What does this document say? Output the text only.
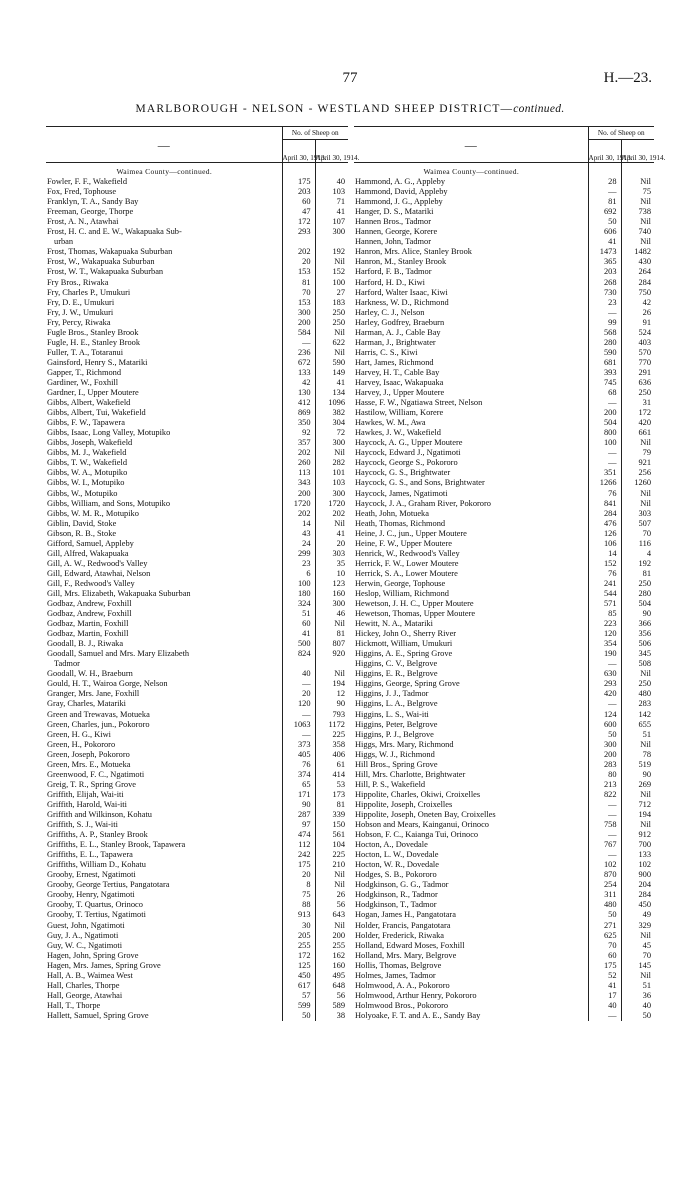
77	H.—23.
MARLBOROUGH - NELSON - WESTLAND SHEEP DISTRICT—continued.
—	No. of Sheep on	
	April 30, 1913.	April 30, 1914.
Waimea County—continued.		
Fowler, F. F., Wakefield	175	40
Fox, Fred, Tophouse	203	103
Franklyn, T. A., Sandy Bay	60	71
Freeman, George, Thorpe	47	41
Frost, A. N., Atawhai	172	107
Frost, H. C. and E. W., Wakapuaka Sub-	293	300
urban		
Frost, Thomas, Wakapuaka Suburban	202	192
Frost, W., Wakapuaka Suburban	20	Nil
Frost, W. T., Wakapuaka Suburban	153	152
Fry Bros., Riwaka	81	100
Fry, Charles P., Umukuri	70	27
Fry, D. E., Umukuri	153	183
Fry, J. W., Umukuri	300	250
Fry, Percy, Riwaka	200	250
Fugle Bros., Stanley Brook	584	Nil
Fugle, H. E., Stanley Brook	—	622
Fuller, T. A., Totaranui	236	Nil
Gainsford, Henry S., Matariki	672	590
Gapper, T., Richmond	133	149
Gardiner, W., Foxhill	42	41
Gardner, I., Upper Moutere	130	134
Gibbs, Albert, Wakefield	412	1096
Gibbs, Albert, Tui, Wakefield	869	382
Gibbs, F. W., Tapawera	350	304
Gibbs, Isaac, Long Valley, Motupiko	92	72
Gibbs, Joseph, Wakefield	357	300
Gibbs, M. J., Wakefield	202	Nil
Gibbs, T. W., Wakefield	260	282
Gibbs, W. A., Motupiko	113	101
Gibbs, W. I., Motupiko	343	103
Gibbs, W., Motupiko	200	300
Gibbs, William, and Sons, Motupiko	1720	1720
Gibbs, W. M. R., Motupiko	202	202
Giblin, David, Stoke	14	Nil
Gibson, R. B., Stoke	43	41
Gifford, Samuel, Appleby	24	20
Gill, Alfred, Wakapuaka	299	303
Gill, A. W., Redwood's Valley	23	35
Gill, Edward, Atawhai, Nelson	6	10
Gill, F., Redwood's Valley	100	123
Gill, Mrs. Elizabeth, Wakapuaka Suburban	180	160
Godbaz, Andrew, Foxhill	324	300
Godbaz, Andrew, Foxhill	51	46
Godbaz, Martin, Foxhill	60	Nil
Godbaz, Martin, Foxhill	41	81
Goodall, B. J., Riwaka	500	807
Goodall, Samuel and Mrs. Mary Elizabeth	824	920
Tadmor		
Goodall, W. H., Braeburn	40	Nil
Gould, H. T., Wairoa Gorge, Nelson	—	194
Granger, Mrs. Jane, Foxhill	20	12
Gray, Charles, Matariki	120	90
Green and Trewavas, Motueka	—	793
Green, Charles, jun., Pokororo	1063	1172
Green, H. G., Kiwi	—	225
Green, H., Pokororo	373	358
Green, Joseph, Pokororo	405	406
Green, Mrs. E., Motueka	76	61
Greenwood, F. C., Ngatimoti	374	414
Greig, T. R., Spring Grove	65	53
Griffith, Elijah, Wai-iti	171	173
Griffith, Harold, Wai-iti	90	81
Griffith and Wilkinson, Kohatu	287	339
Griffith, S. J., Wai-iti	97	150
Griffiths, A. P., Stanley Brook	474	561
Griffiths, E. L., Stanley Brook, Tapawera	112	104
Griffiths, E. L., Tapawera	242	225
Griffiths, William D., Kohatu	175	210
Grooby, Ernest, Ngatimoti	20	Nil
Grooby, George Tertius, Pangatotara	8	Nil
Grooby, Henry, Ngatimoti	75	26
Grooby, T. Quartus, Orinoco	88	56
Grooby, T. Tertius, Ngatimoti	913	643
Guest, John, Ngatimoti	30	Nil
Guy, J. A., Ngatimoti	205	200
Guy, W. C., Ngatimoti	255	255
Hagen, John, Spring Grove	172	162
Hagen, Mrs. James, Spring Grove	125	160
Hall, A. B., Waimea West	450	495
Hall, Charles, Thorpe	617	648
Hall, George, Atawhai	57	56
Hall, T., Thorpe	599	589
Hallett, Samuel, Spring Grove	50	38
—	No. of Sheep on	
	April 30, 1913.	April 30, 1914.
Waimea County—continued.		
Hammond, A. G., Appleby	28	Nil
Hammond, David, Appleby	—	75
Hammond, J. G., Appleby	81	Nil
Hanger, D. S., Matariki	692	738
Hannen Bros., Tadmor	50	Nil
Hannen, George, Korere	606	740
Hannen, John, Tadmor	41	Nil
Hanron, Mrs. Alice, Stanley Brook	1473	1482
Hanron, M., Stanley Brook	365	430
Harford, F. B., Tadmor	203	264
Harford, H. D., Kiwi	268	284
Harford, Walter Isaac, Kiwi	730	750
Harkness, W. D., Richmond	23	42
Harley, C. J., Nelson	—	26
Harley, Godfrey, Braeburn	99	91
Harman, A. J., Cable Bay	568	524
Harman, J., Brightwater	280	403
Harris, C. S., Kiwi	590	570
Hart, James, Richmond	681	770
Harvey, H. T., Cable Bay	393	291
Harvey, Isaac, Wakapuaka	745	636
Harvey, J., Upper Moutere	68	250
Hasse, F. W., Ngatiawa Street, Nelson	—	31
Hastilow, William, Korere	200	172
Hawkes, W. M., Awa	504	420
Hawkes, J. W., Wakefield	800	661
Haycock, A. G., Upper Moutere	100	Nil
Haycock, Edward J., Ngatimoti	—	79
Haycock, George S., Pokororo	—	921
Haycock, G. S., Brightwater	351	256
Haycock, G. S., and Sons, Brightwater	1266	1260
Haycock, James, Ngatimoti	76	Nil
Haycock, J. A., Graham River, Pokororo	841	Nil
Heath, John, Motueka	284	303
Heath, Thomas, Richmond	476	507
Heine, J. C., jun., Upper Moutere	126	70
Heine, F. W., Upper Moutere	106	116
Henrick, W., Redwood's Valley	14	4
Herrick, F. W., Lower Moutere	152	192
Herrick, S. A., Lower Moutere	76	81
Herwin, George, Tophouse	241	250
Heslop, William, Richmond	544	280
Hewetson, J. H. C., Upper Moutere	571	504
Hewetson, Thomas, Upper Moutere	85	90
Hewitt, N. A., Matariki	223	366
Hickey, John O., Sherry River	120	356
Hickmott, William, Umukuri	354	506
Higgins, A. E., Spring Grove	190	345
Higgins, C. V., Belgrove	—	508
Higgins, E. R., Belgrove	630	Nil
Higgins, George, Spring Grove	293	250
Higgins, J. J., Tadmor	420	480
Higgins, L. A., Belgrove	—	283
Higgins, L. S., Wai-iti	124	142
Higgins, Peter, Belgrove	600	655
Higgins, P. J., Belgrove	50	51
Higgs, Mrs. Mary, Richmond	300	Nil
Higgs, W. J., Richmond	200	78
Hill Bros., Spring Grove	283	519
Hill, Mrs. Charlotte, Brightwater	80	90
Hill, P. S., Wakefield	213	269
Hippolite, Charles, Okiwi, Croixelles	822	Nil
Hippolite, Joseph, Croixelles	—	712
Hippolite, Joseph, Oneten Bay, Croixelles	—	194
Hobson and Mears, Kainganui, Orinoco	758	Nil
Hobson, F. C., Kaianga Tui, Orinoco	—	912
Hocton, A., Dovedale	767	700
Hocton, L. W., Dovedale	—	133
Hocton, W. R., Dovedale	102	102
Hodges, S. B., Pokororo	870	900
Hodgkinson, G. G., Tadmor	254	204
Hodgkinson, R., Tadmor	311	284
Hodgkinson, T., Tadmor	480	450
Hogan, James H., Pangatotara	50	49
Holder, Francis, Pangatotara	271	329
Holder, Frederick, Riwaka	625	Nil
Holland, Edward Moses, Foxhill	70	45
Holland, Mrs. Mary, Belgrove	60	70
Hollis, Thomas, Belgrove	175	145
Holmes, James, Tadmor	52	Nil
Holmwood, A. A., Pokororo	41	51
Holmwood, Arthur Henry, Pokororo	17	36
Holmwood Bros., Pokororo	40	40
Holyoake, F. T. and A. E., Sandy Bay	—	50
